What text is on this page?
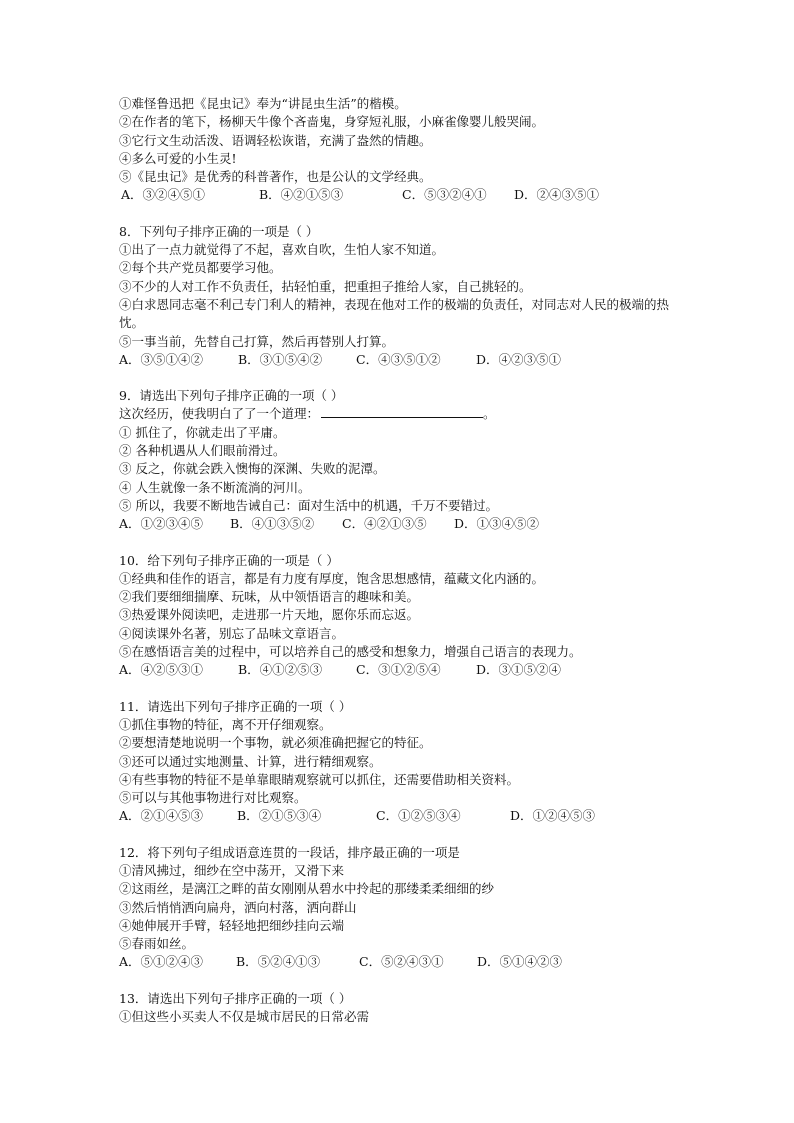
①难怪鲁迅把《昆虫记》奉为“讲昆虫生活”的楷模。
②在作者的笔下，杨柳天牛像个吝啬鬼，身穿短礼服，小麻雀像婴儿般哭闹。
③它行文生动活泼、语调轻松诙谐，充满了盎然的情趣。
④多么可爱的小生灵!
⑤《昆虫记》是优秀的科普著作，也是公认的文学经典。
A．③②④⑤①	B．④②①⑤③	C．⑤③②④① D．②④③⑤①
8．下列句子排序正确的一项是（ ）
①出了一点力就觉得了不起，喜欢自吹，生怕人家不知道。
②每个共产党员都要学习他。
③不少的人对工作不负责任，拈轻怕重，把重担子推给人家，自己挑轻的。
④白求恩同志毫不利己专门利人的精神，表现在他对工作的极端的负责任，对同志对人民的极端的热忱。
⑤一事当前，先替自己打算，然后再替别人打算。
A．③⑤①④②	B．③①⑤④②	C．④③⑤①②	D．④②③⑤①
9．请选出下列句子排序正确的一项（ ）
这次经历，使我明白了了一个道理：	。
① 抓住了，你就走出了平庸。
② 各种机遇从人们眼前滑过。
③ 反之，你就会跌入懊悔的深渊、失败的泥潭。
④ 人生就像一条不断流淌的河川。
⑤ 所以，我要不断地告诫自己：面对生活中的机遇，千万不要错过。
A．①②③④⑤ B．④①③⑤② C．④②①③⑤ D．①③④⑤②
10．给下列句子排序正确的一项是（ ）
①经典和佳作的语言，都是有力度有厚度，饱含思想感情，蕴藏文化内涵的。
②我们要细细揣摩、玩味，从中领悟语言的趣味和美。
③热爱课外阅读吧，走进那一片天地，愿你乐而忘返。
④阅读课外名著，别忘了品味文章语言。
⑤在感悟语言美的过程中，可以培养自己的感受和想象力，增强自己语言的表现力。
A．④②⑤③①	B．④①②⑤③	C．③①②⑤④	D．③①⑤②④
11．请选出下列句子排序正确的一项（ ）
①抓住事物的特征，离不开仔细观察。
②要想清楚地说明一个事物，就必须准确把握它的特征。
③还可以通过实地测量、计算，进行精细观察。
④有些事物的特征不是单靠眼睛观察就可以抓住，还需要借助相关资料。
⑤可以与其他事物进行对比观察。
A．②①④⑤③	B．②①⑤③④	C．①②⑤③④	D．①②④⑤③
12．将下列句子组成语意连贯的一段话，排序最正确的一项是
①清风拂过，细纱在空中荡开，又滑下来
②这雨丝，是漓江之畔的苗女刚刚从碧水中拎起的那缕柔柔细细的纱
③然后悄悄洒向扁舟，洒向村落，洒向群山
④她伸展开手臂，轻轻地把细纱挂向云端
⑤春雨如丝。
A．⑤①②④③	B．⑤②④①③	C．⑤②④③①	D．⑤①④②③
13．请选出下列句子排序正确的一项（ ）
①但这些小买卖人不仅是城市居民的日常必需
